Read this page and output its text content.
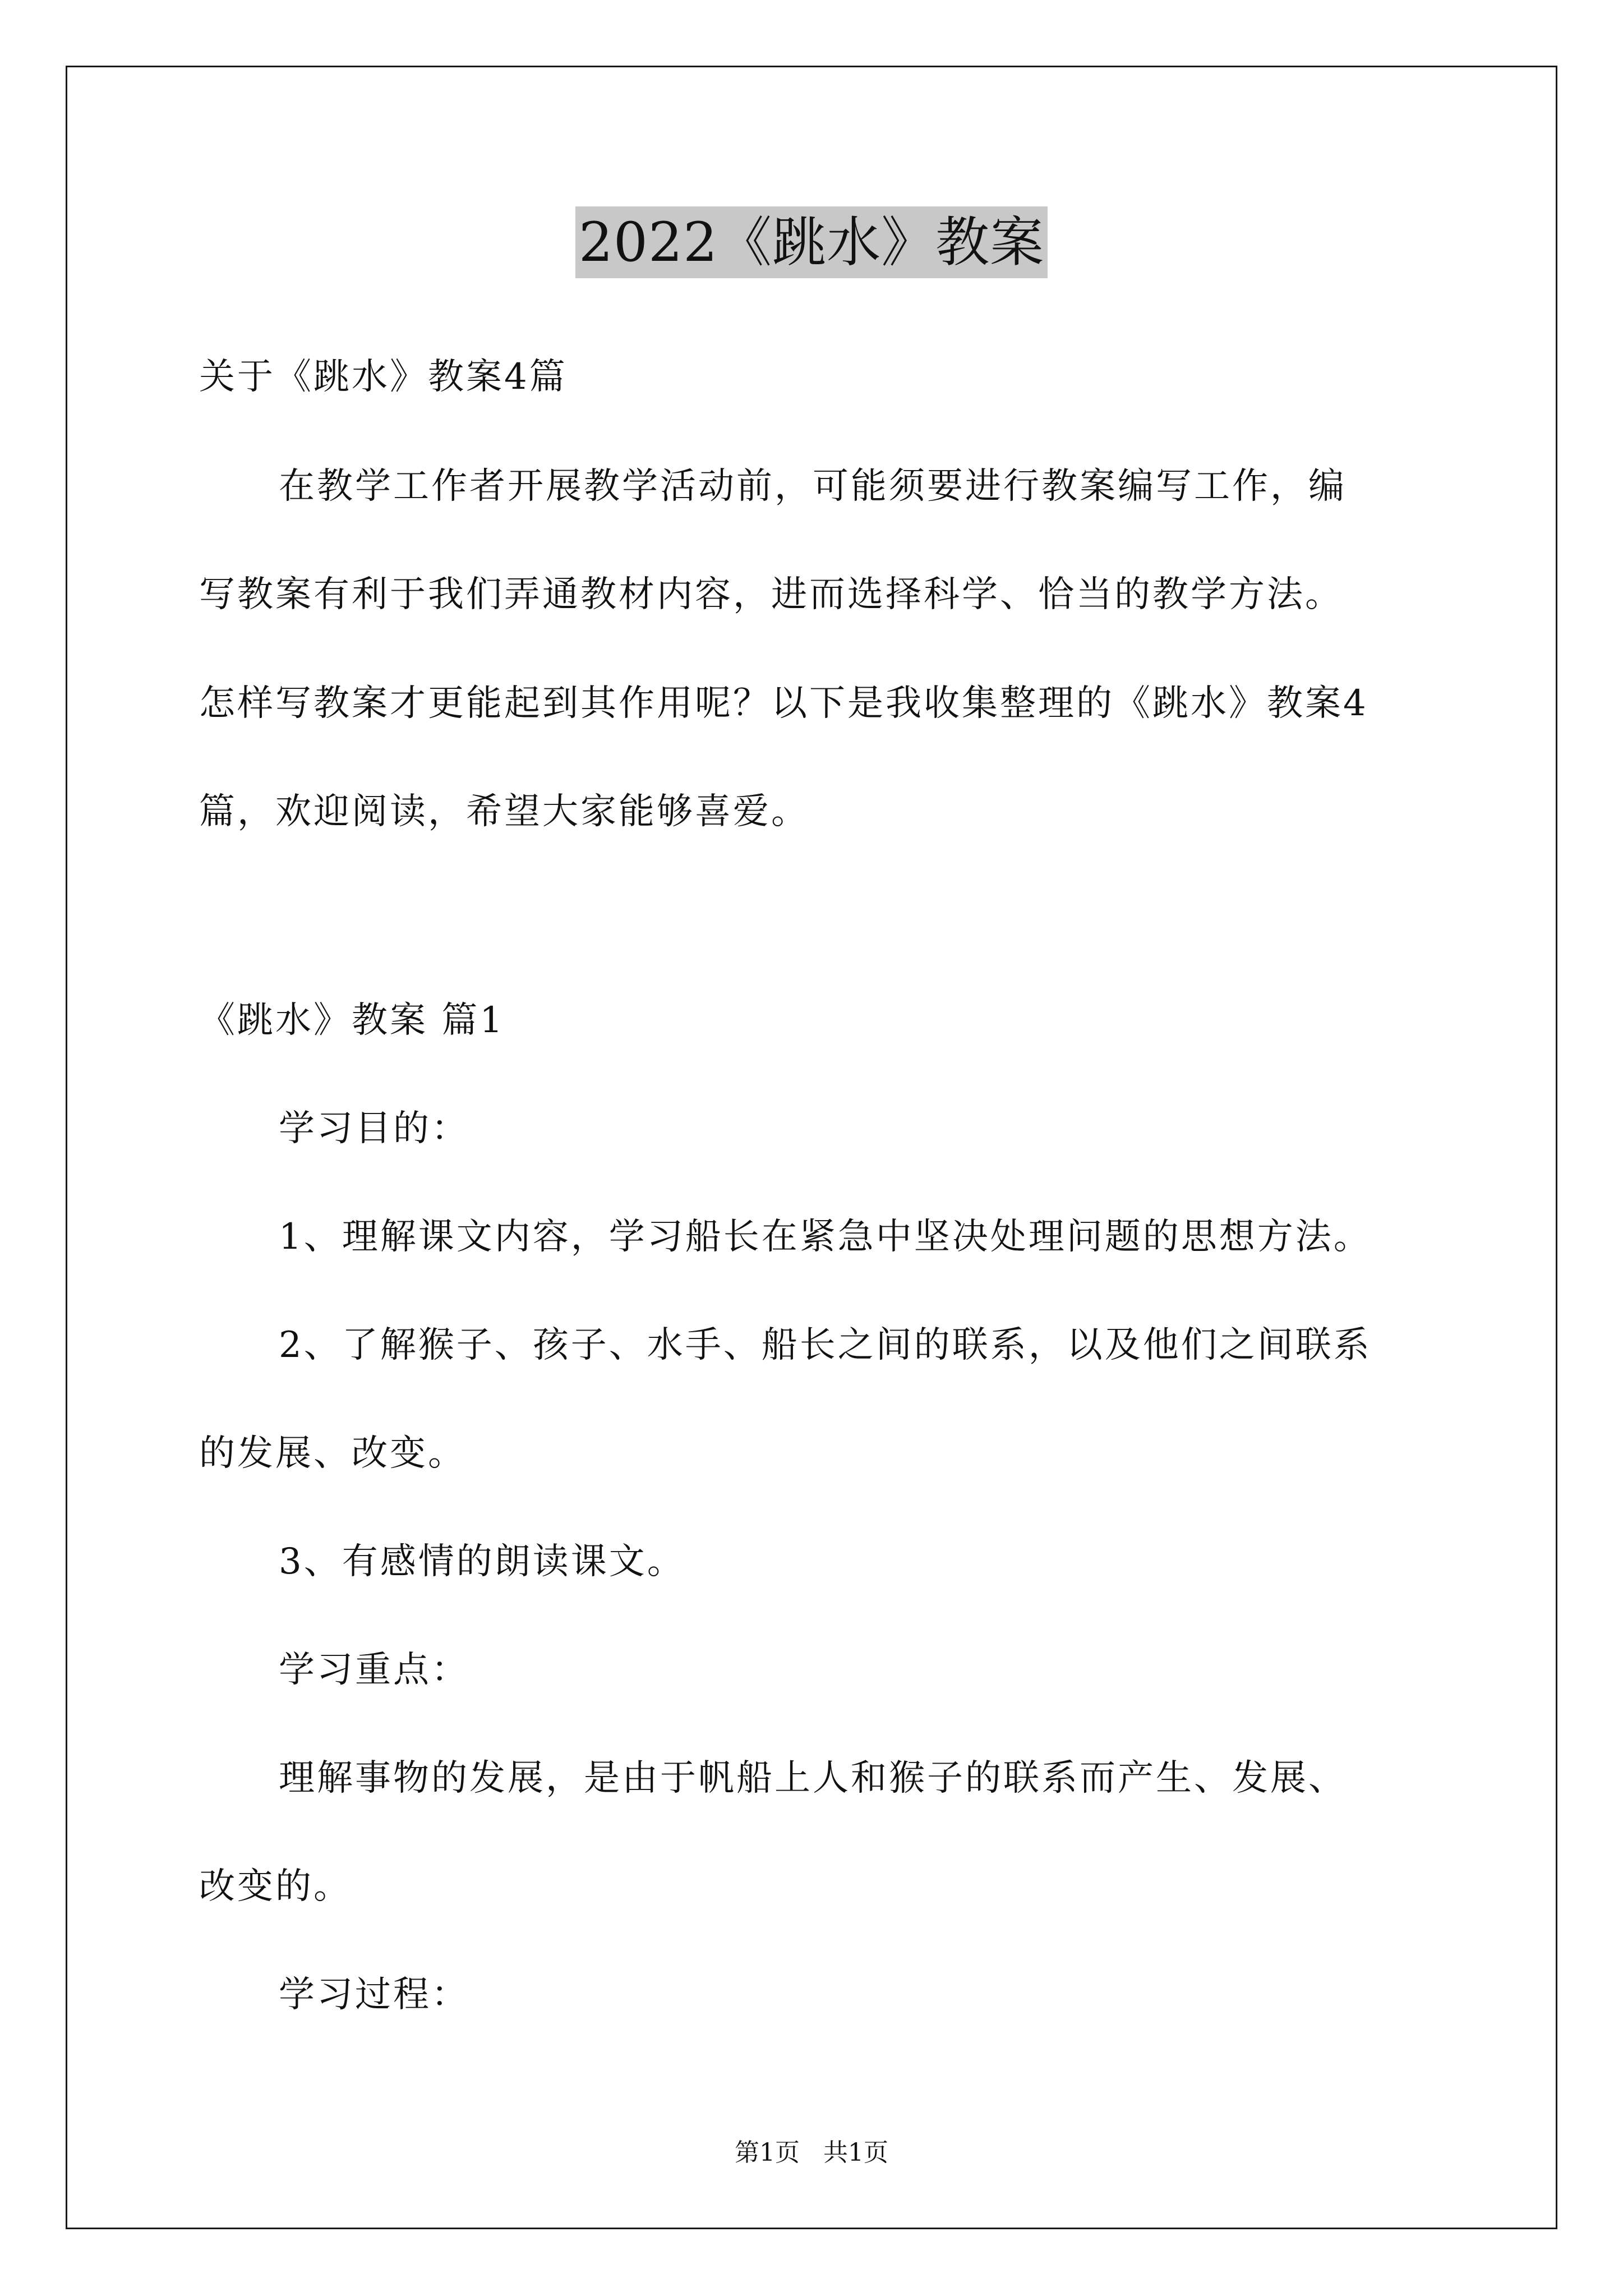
2022《跳水》教案
关于《跳水》教案4篇
在教学工作者开展教学活动前，可能须要进行教案编写工作，编
写教案有利于我们弄通教材内容，进而选择科学、恰当的教学方法。
怎样写教案才更能起到其作用呢？以下是我收集整理的《跳水》教案4
篇，欢迎阅读，希望大家能够喜爱。
《跳水》教案 篇1
学习目的：
1、理解课文内容，学习船长在紧急中坚决处理问题的思想方法。
2、了解猴子、孩子、水手、船长之间的联系，以及他们之间联系
的发展、改变。
3、有感情的朗读课文。
学习重点：
理解事物的发展，是由于帆船上人和猴子的联系而产生、发展、
改变的。
学习过程：
第1页   共1页
